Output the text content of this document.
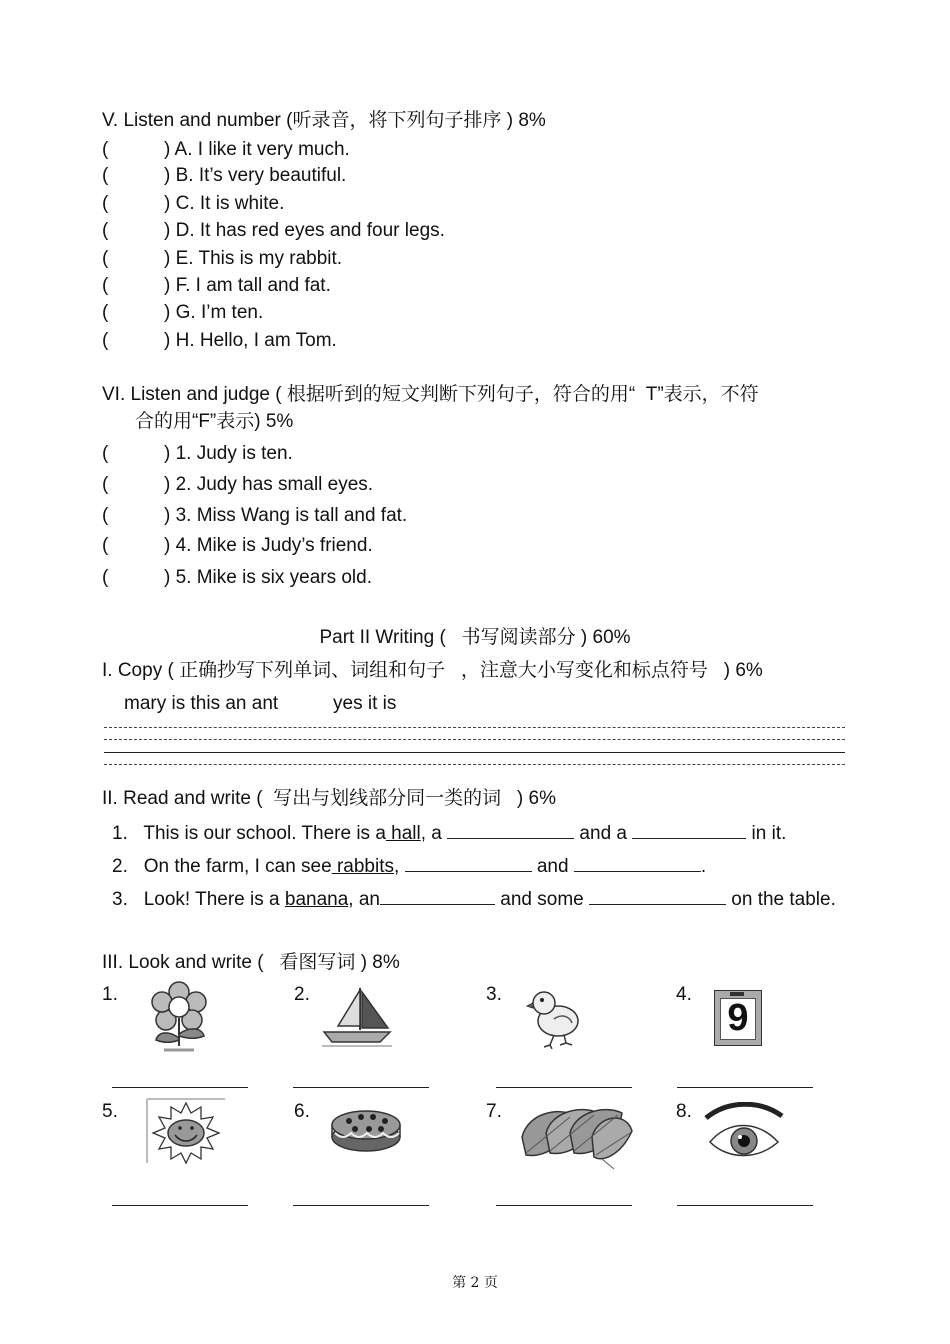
V. Listen and number (听录音，将下列句子排序 ) 8%
(	) A. I like it very much.
(	) B. It’s very beautiful.
(	) C. It is white.
(	) D. It has red eyes and four legs.
(	) E. This is my rabbit.
(	) F. I am tall and fat.
(	) G. I’m ten.
(	) H. Hello, I am Tom.
VI. Listen and judge ( 根据听到的短文判断下列句子，符合的用“  T”表示，不符
合的用“F”表示) 5%
(	) 1. Judy is ten.
(	) 2. Judy has small eyes.
(	) 3. Miss Wang is tall and fat.
(	) 4. Mike is Judy’s friend.
(	) 5. Mike is six years old.
Part II Writing (   书写阅读部分 ) 60%
I. Copy ( 正确抄写下列单词、词组和句子   ，注意大小写变化和标点符号   ) 6%
mary is this an ant	yes it is
II. Read and write (  写出与划线部分同一类的词   ) 6%
1. This is our school. There is a hall, a	and a	in it.
2. On the farm, I can see rabbits,	and	.
3. Look! There is a banana, an	and some	on the table.
III. Look and write (   看图写词 ) 8%
1.	2.	3.	4.
9
5.	6.	7.	8.
第 2 页
